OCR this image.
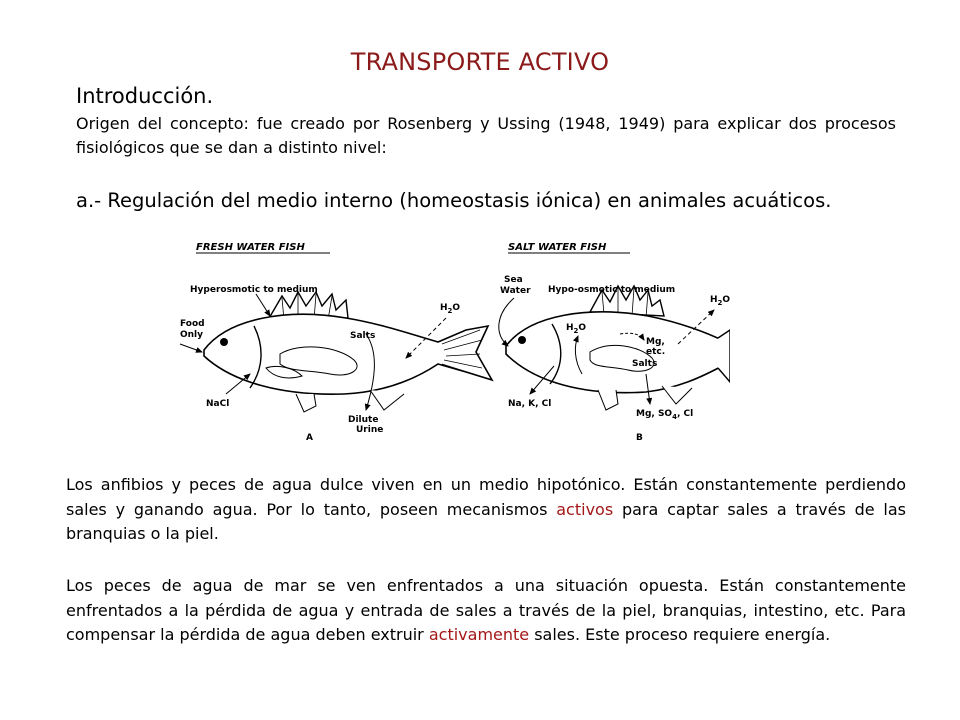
TRANSPORTE ACTIVO
Introducción.
Origen del concepto: fue creado por Rosenberg y Ussing (1948, 1949) para explicar dos procesos fisiológicos que se dan a distinto nivel:
a.- Regulación del medio interno (homeostasis iónica) en animales acuáticos.
FRESH WATER FISH
Hyperosmotic to medium
Food
Only	Salts
$H_2O$
NaCl
Dilute
Urine
A
SALT WATER FISH
Sea
Water Hypo-osmotic to medium
$H_2O$
Mg,
etc.
Salts
$H_2O$
Na, K, Cl
Mg, $SO_4$, Cl
B
Los anfibios y peces de agua dulce viven en un medio hipotónico. Están constantemente perdiendo sales y ganando agua. Por lo tanto, poseen mecanismos activos para captar sales a través de las branquias o la piel.
Los peces de agua de mar se ven enfrentados a una situación opuesta. Están constantemente enfrentados a la pérdida de agua y entrada de sales a través de la piel, branquias, intestino, etc. Para compensar la pérdida de agua deben extruir activamente sales. Este proceso requiere energía.
